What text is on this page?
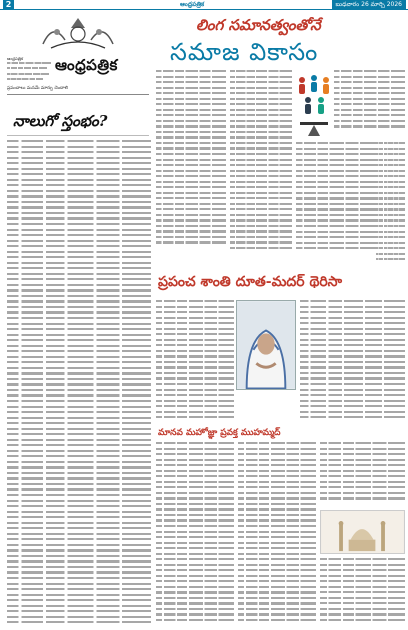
2	ఆంధ్రపత్రిక	బుధవారం 26 మార్చి 2026
ఆంధ్రపత్రిక	ఆంధ్రపత్రిక
ప్రపంచాలు మనమే మార్పు చెందాలి
నాలుగో స్తంభం?
లింగ సమానత్వంతోనే
సమాజ వికాసం
ప్రపంచ శాంతి దూత-మదర్ థెరిసా
మానవ మహోజ్ఞా ప్రవక్త ముహమ్మద్
